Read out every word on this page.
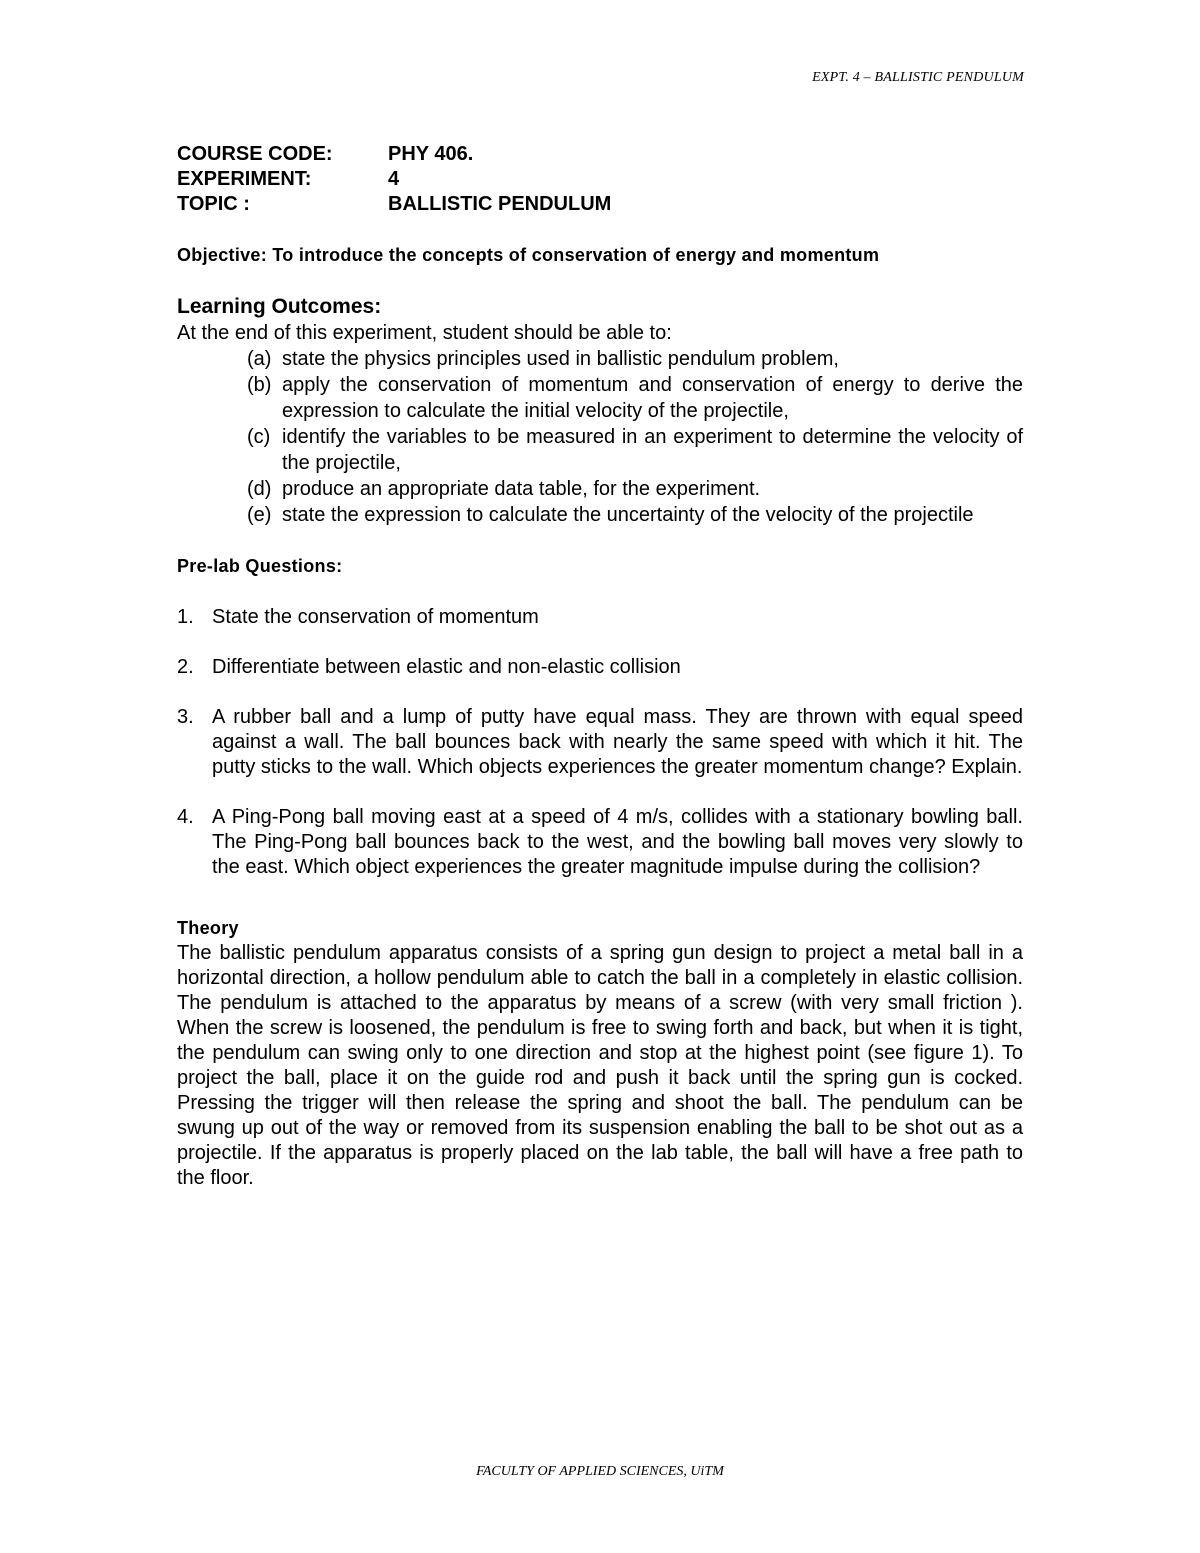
EXPT. 4 – BALLISTIC PENDULUM
COURSE CODE:	PHY 406.
EXPERIMENT:	4
TOPIC :	BALLISTIC PENDULUM
Objective: To introduce the concepts of conservation of energy and momentum
Learning Outcomes:
At the end of this experiment, student should be able to:
(a) state the physics principles used in ballistic pendulum problem,
(b) apply the conservation of momentum and conservation of energy to derive the expression to calculate the initial velocity of the projectile,
(c) identify the variables to be measured in an experiment to determine the velocity of the projectile,
(d) produce an appropriate data table, for the experiment.
(e) state the expression to calculate the uncertainty of the velocity of the projectile
Pre-lab Questions:
1. State the conservation of momentum
2. Differentiate between elastic and non-elastic collision
3. A rubber ball and a lump of putty have equal mass. They are thrown with equal speed against a wall. The ball bounces back with nearly the same speed with which it hit. The putty sticks to the wall. Which objects experiences the greater momentum change? Explain.
4. A Ping-Pong ball moving east at a speed of 4 m/s, collides with a stationary bowling ball. The Ping-Pong ball bounces back to the west, and the bowling ball moves very slowly to the east. Which object experiences the greater magnitude impulse during the collision?
Theory

The ballistic pendulum apparatus consists of a spring gun design to project a metal ball in a horizontal direction, a hollow pendulum able to catch the ball in a completely in elastic collision. The pendulum is attached to the apparatus by means of a screw (with very small friction ). When the screw is loosened, the pendulum is free to swing forth and back, but when it is tight, the pendulum can swing only to one direction and stop at the highest point (see figure 1). To project the ball, place it on the guide rod and push it back until the spring gun is cocked. Pressing the trigger will then release the spring and shoot the ball. The pendulum can be swung up out of the way or removed from its suspension enabling the ball to be shot out as a projectile. If the apparatus is properly placed on the lab table, the ball will have a free path to the floor.

FACULTY OF APPLIED SCIENCES, UiTM
